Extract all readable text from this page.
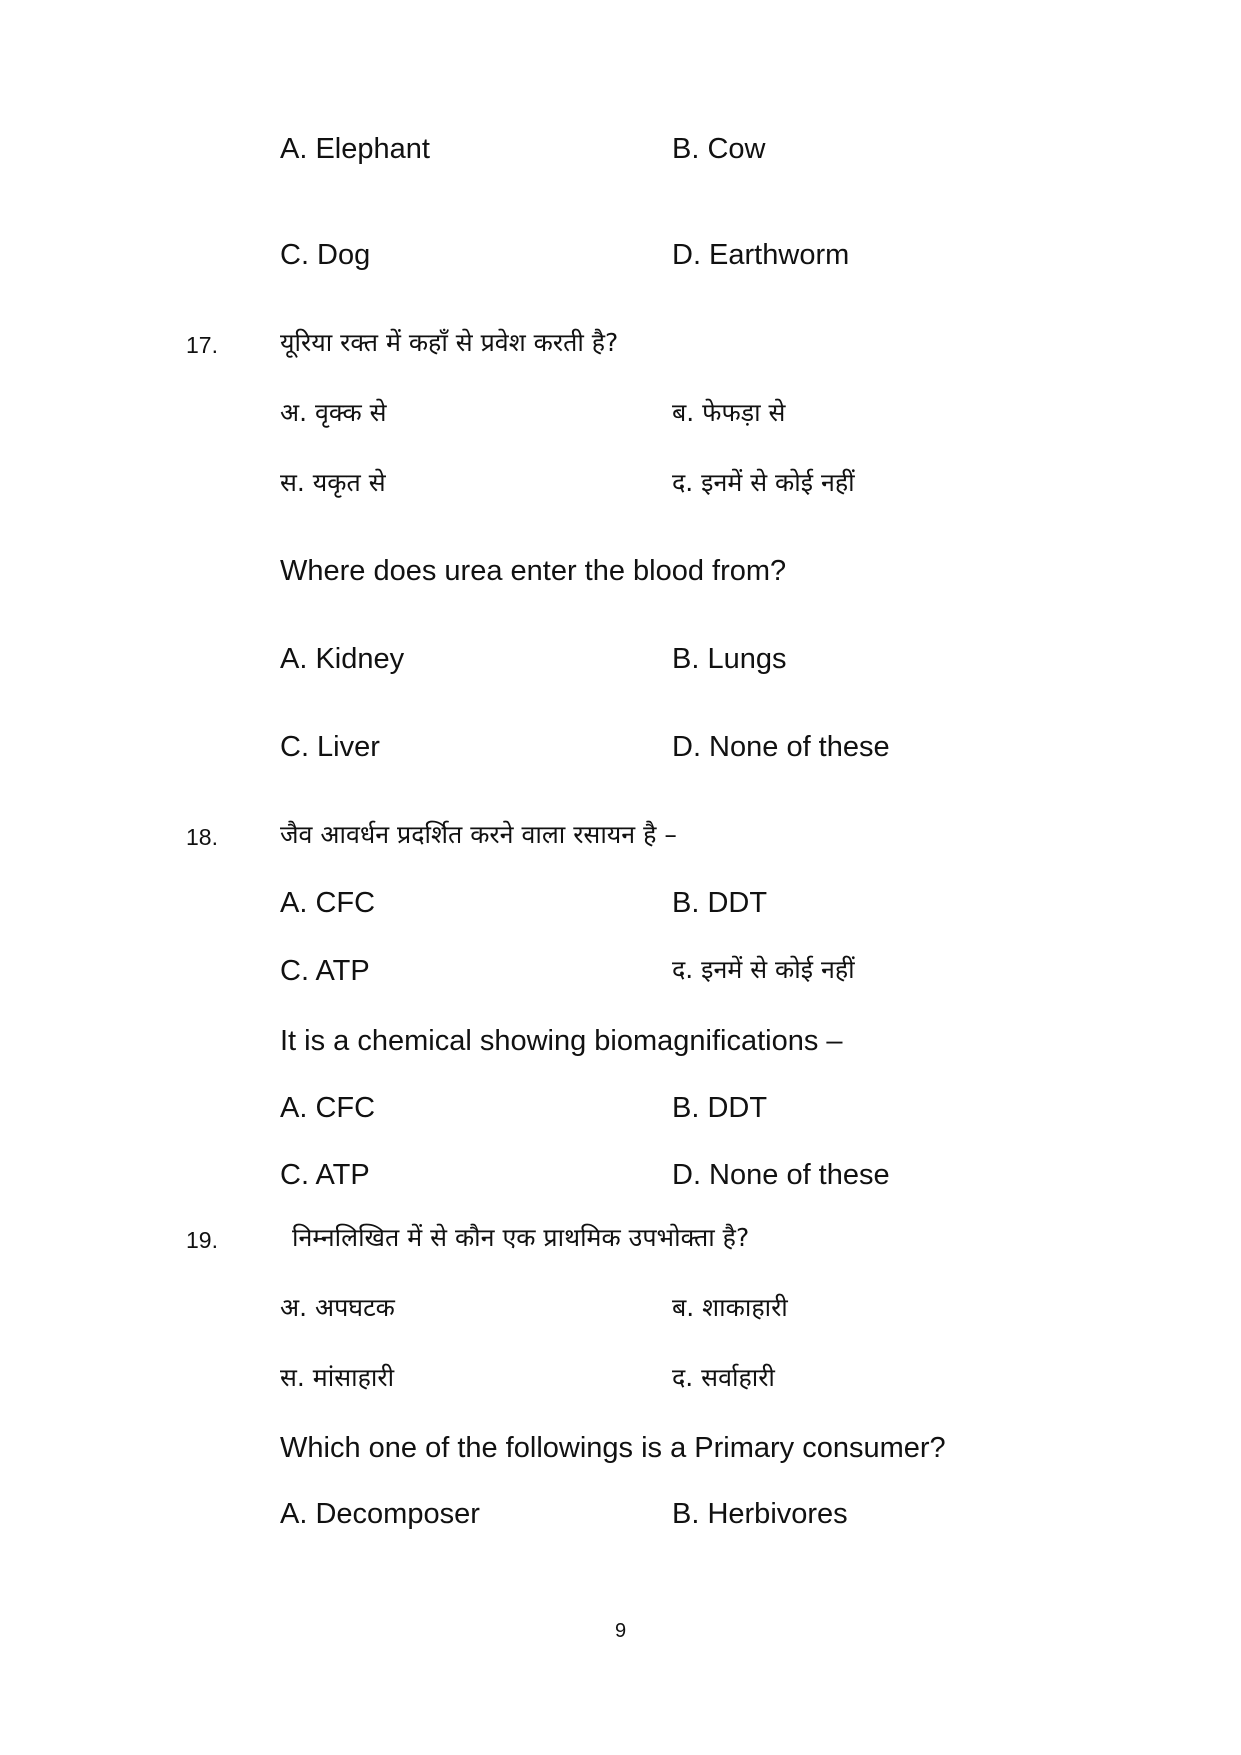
A. Elephant	B. Cow
C. Dog	D. Earthworm
17. यूरिया रक्त में कहाँ से प्रवेश करती है?
अ. वृक्क से	ब. फेफड़ा से
स. यकृत से	द. इनमें से कोई नहीं
Where does urea enter the blood from?
A. Kidney	B. Lungs
C. Liver	D. None of these
18. जैव आवर्धन प्रदर्शित करने वाला रसायन है –
A. CFC	B. DDT
C. ATP	द. इनमें से कोई नहीं
It is a chemical showing biomagnifications –
A. CFC	B. DDT
C. ATP	D. None of these
19.	निम्नलिखित में से कौन एक प्राथमिक उपभोक्ता है?
अ. अपघटक	ब. शाकाहारी
स. मांसाहारी	द. सर्वाहारी
Which one of the followings is a Primary consumer?
A. Decomposer	B. Herbivores
9
